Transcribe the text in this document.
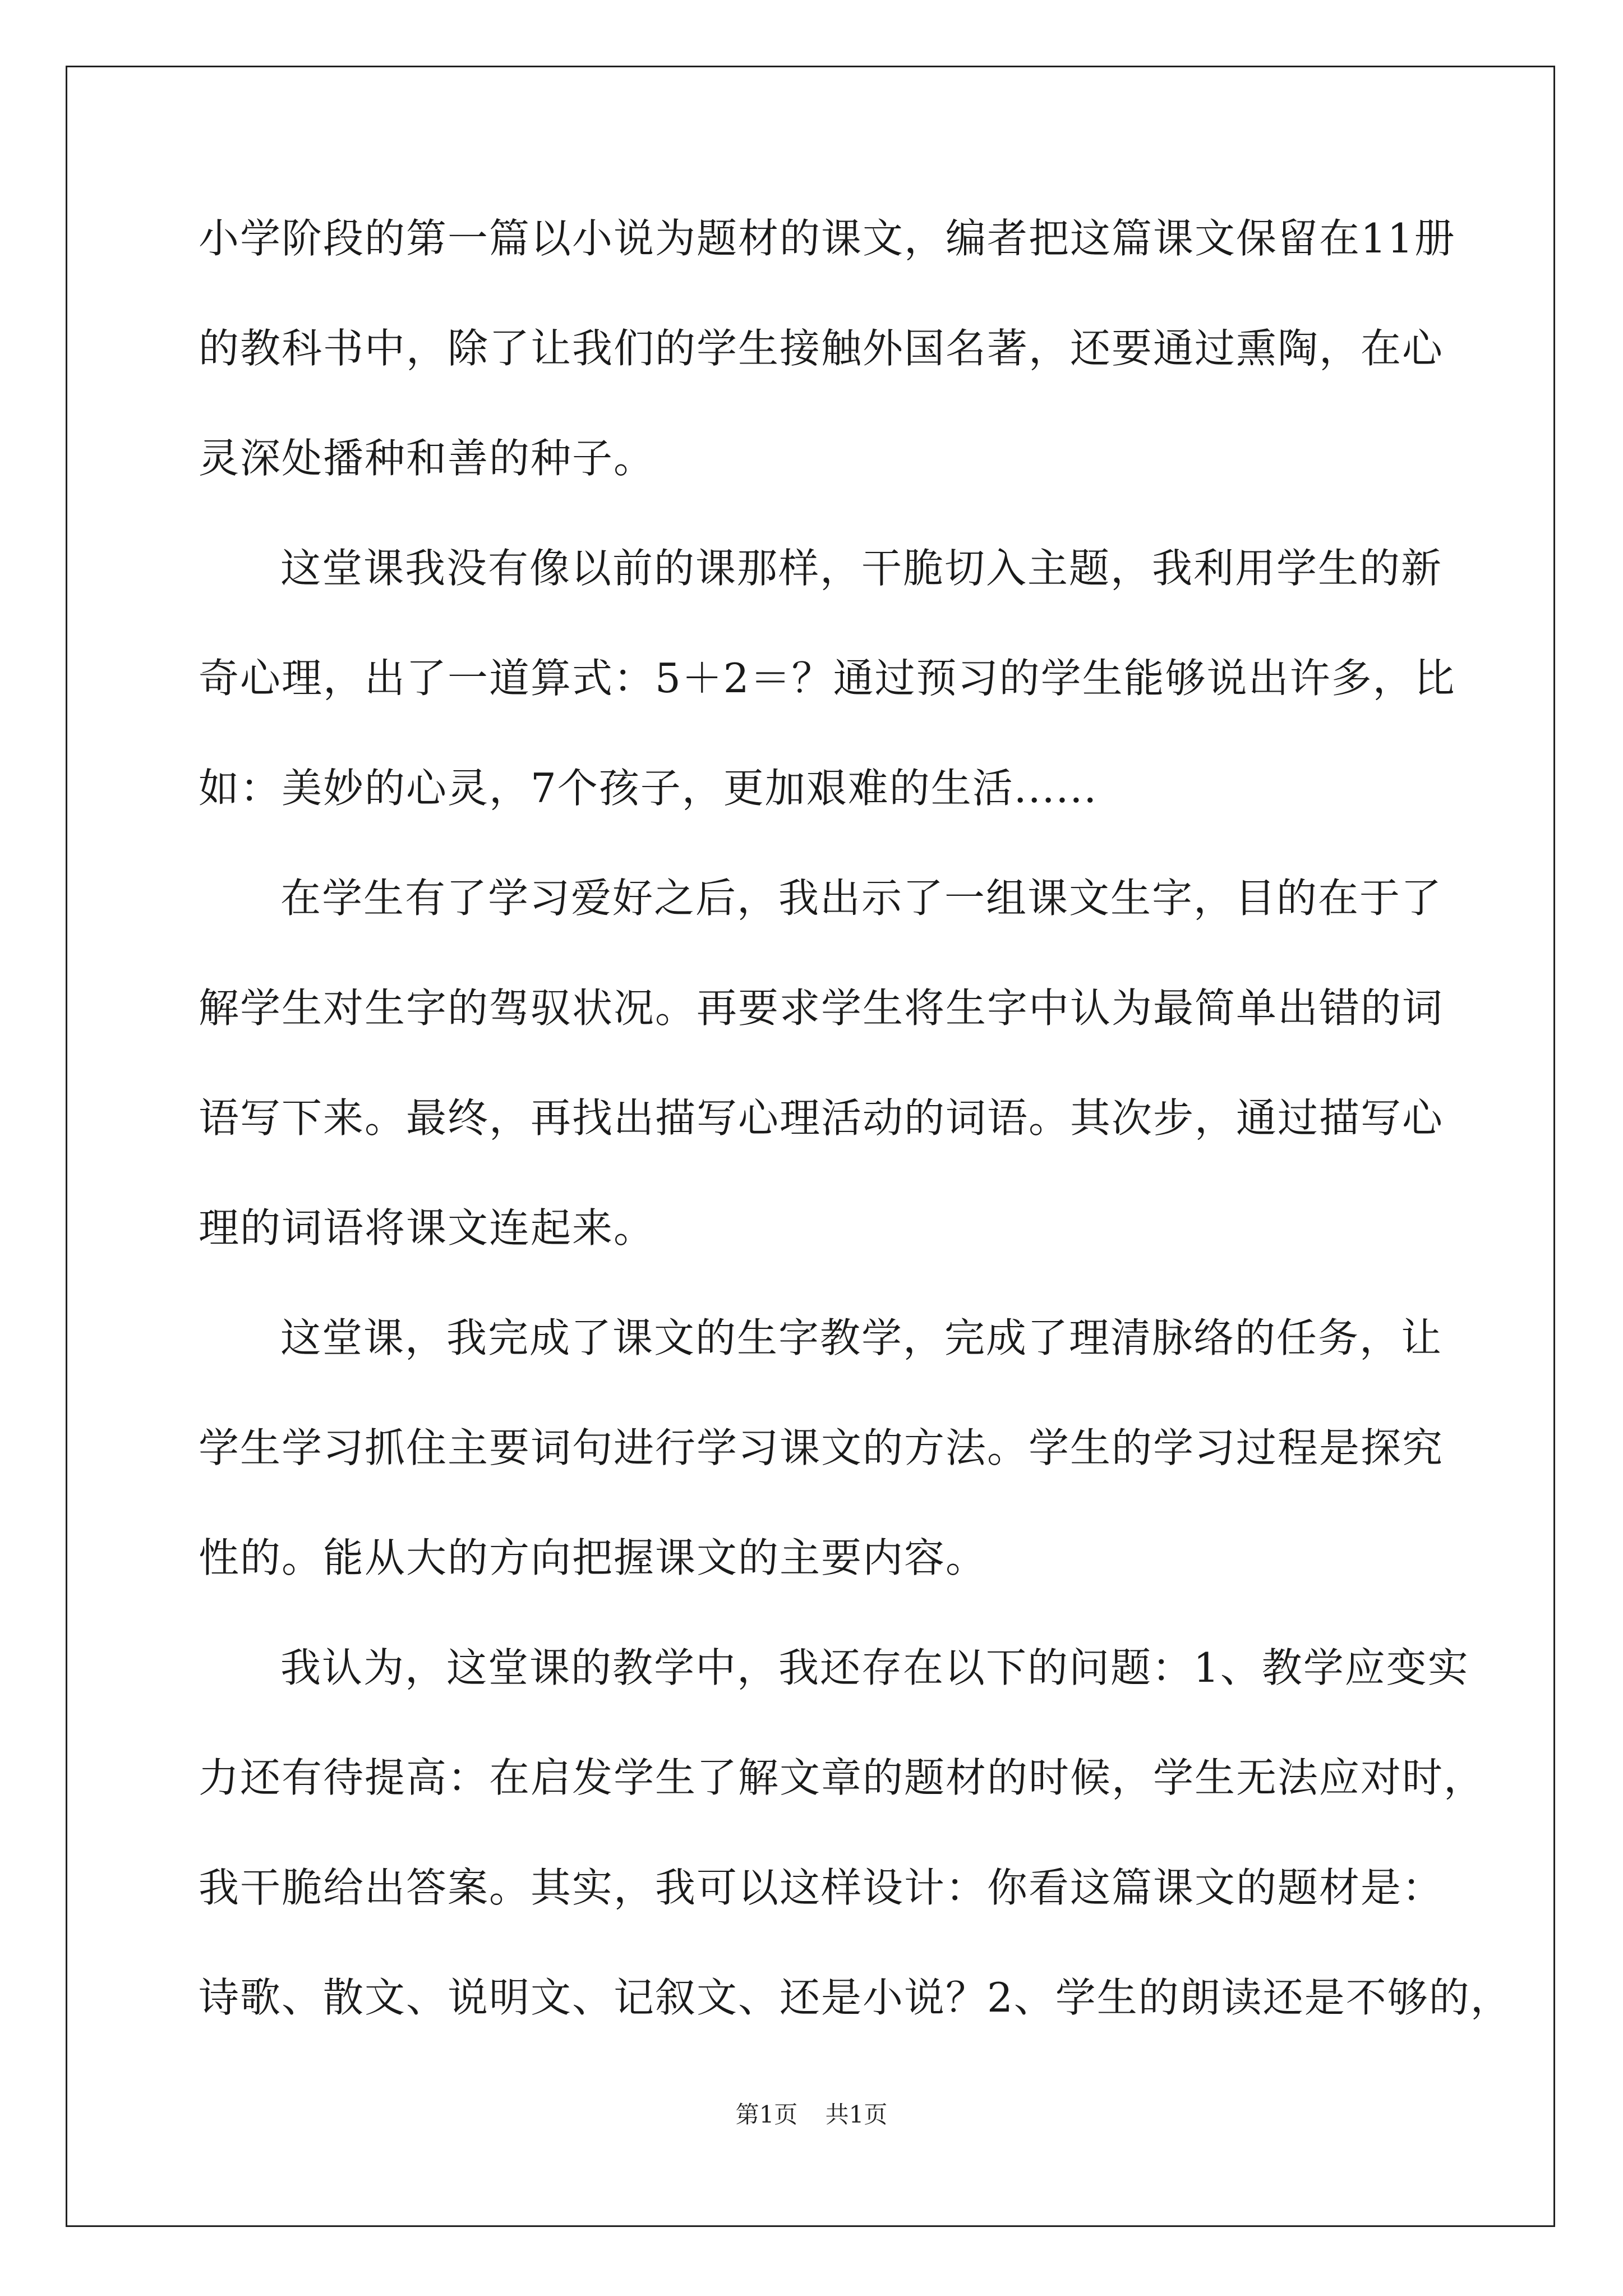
小学阶段的第一篇以小说为题材的课文，编者把这篇课文保留在11册
的教科书中，除了让我们的学生接触外国名著，还要通过熏陶，在心
灵深处播种和善的种子。
这堂课我没有像以前的课那样，干脆切入主题，我利用学生的新
奇心理，出了一道算式：5＋2＝？通过预习的学生能够说出许多，比
如：美妙的心灵，7个孩子，更加艰难的生活......
在学生有了学习爱好之后，我出示了一组课文生字，目的在于了
解学生对生字的驾驭状况。再要求学生将生字中认为最简单出错的词
语写下来。最终，再找出描写心理活动的词语。其次步，通过描写心
理的词语将课文连起来。
这堂课，我完成了课文的生字教学，完成了理清脉络的任务，让
学生学习抓住主要词句进行学习课文的方法。学生的学习过程是探究
性的。能从大的方向把握课文的主要内容。
我认为，这堂课的教学中，我还存在以下的问题：1、教学应变实
力还有待提高：在启发学生了解文章的题材的时候，学生无法应对时，
我干脆给出答案。其实，我可以这样设计：你看这篇课文的题材是：
诗歌、散文、说明文、记叙文、还是小说？2、学生的朗读还是不够的，
第1页 共1页
